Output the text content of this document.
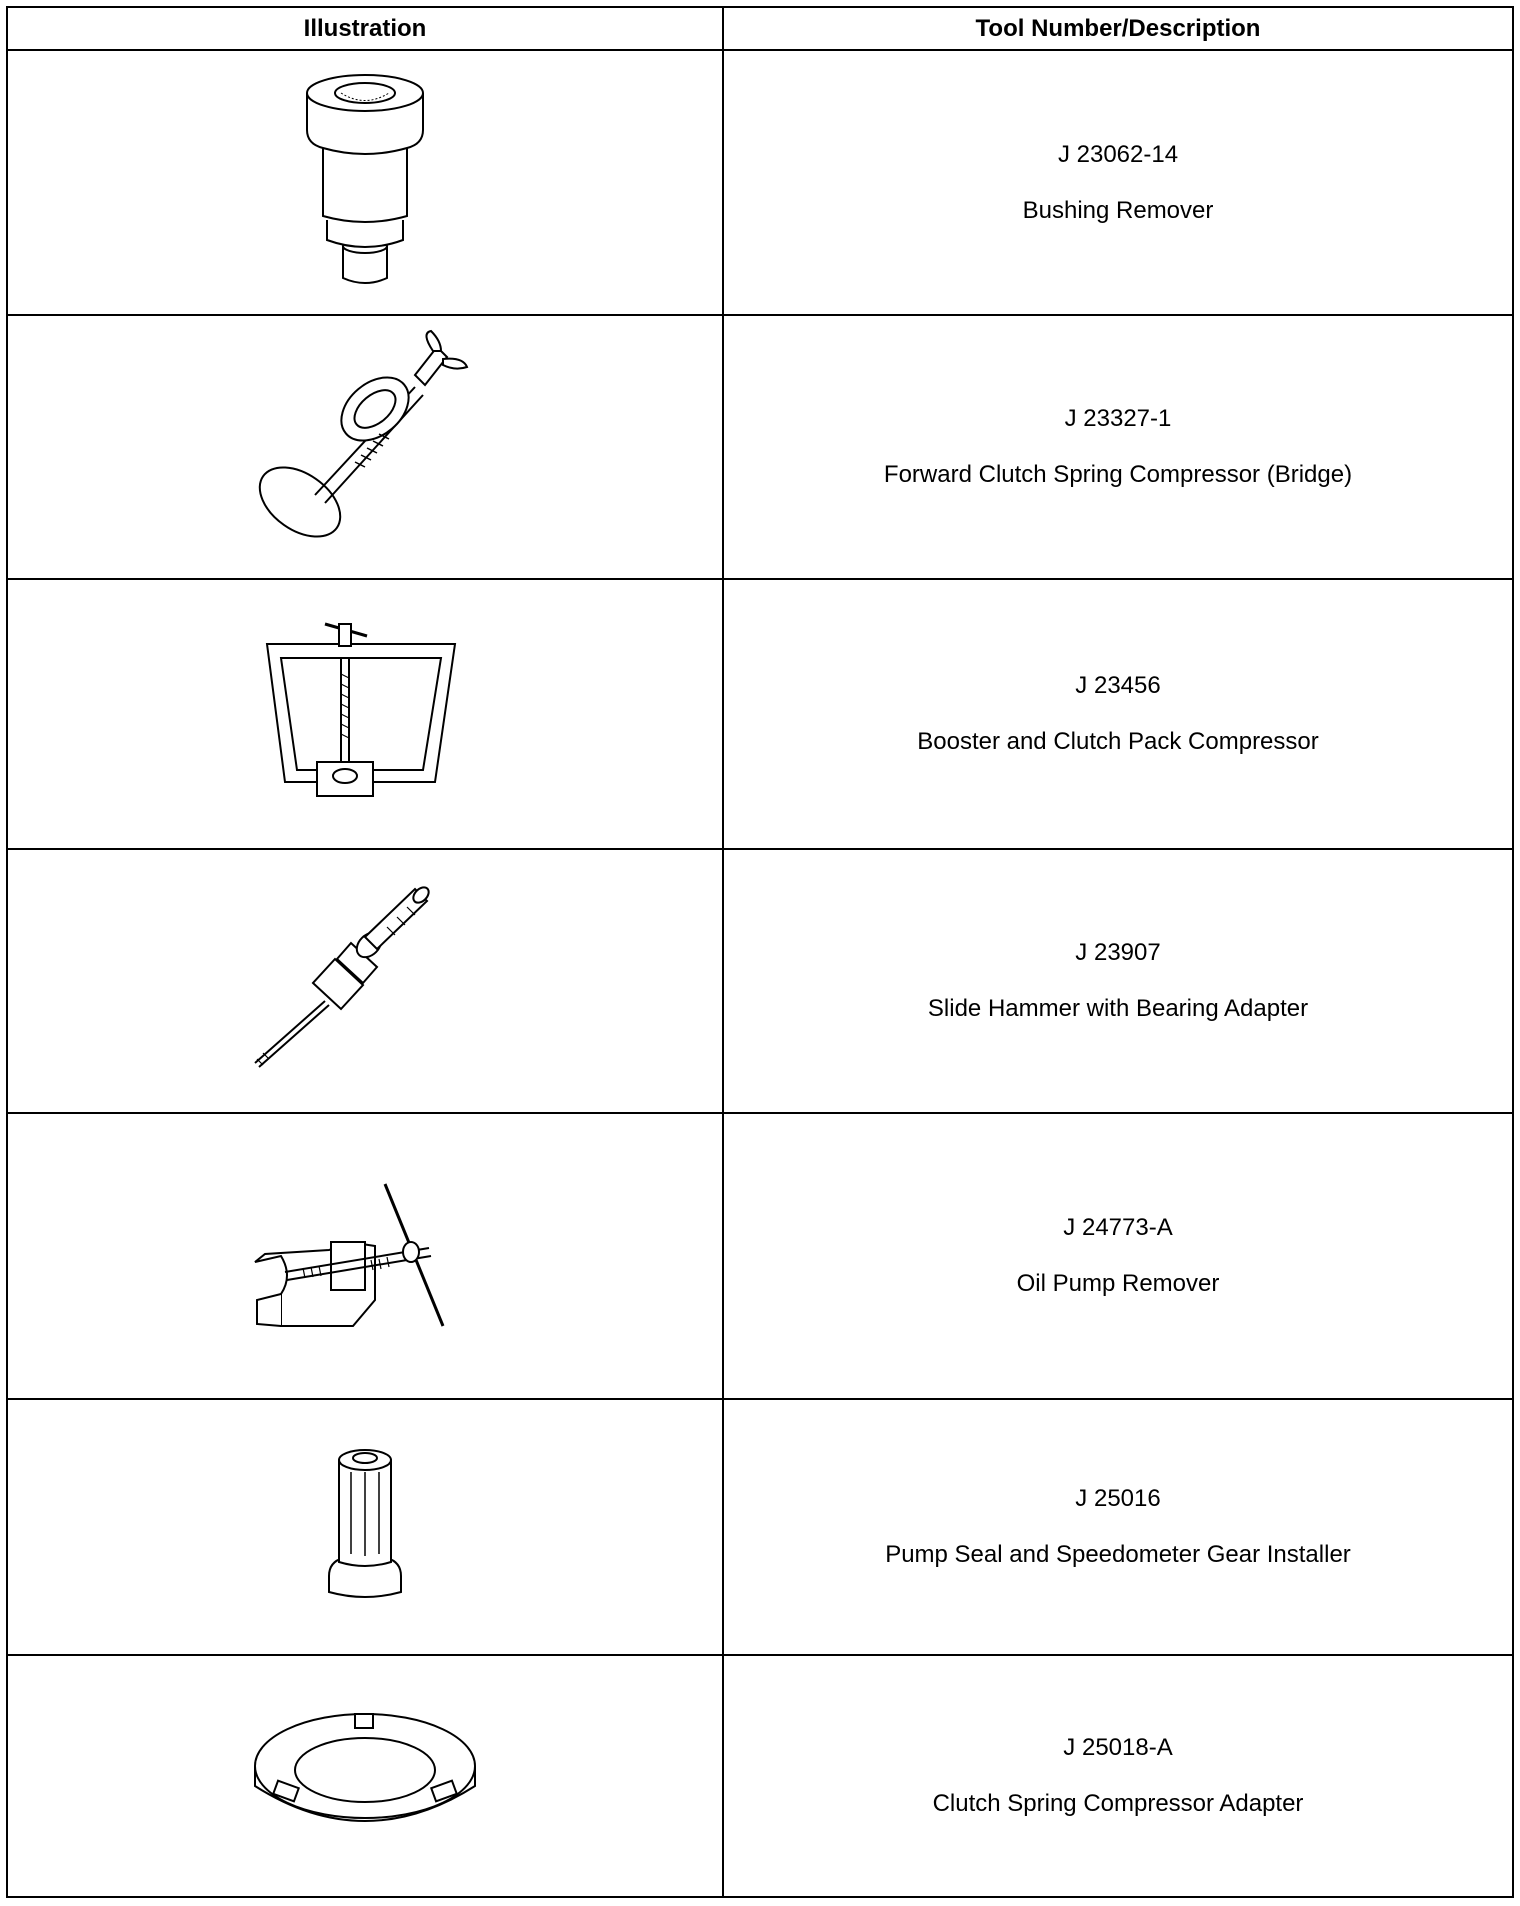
Illustration	Tool Number/Description
J 23062-14
Bushing Remover
J 23327-1
Forward Clutch Spring Compressor (Bridge)
J 23456
Booster and Clutch Pack Compressor
J 23907
Slide Hammer with Bearing Adapter
J 24773-A
Oil Pump Remover
J 25016
Pump Seal and Speedometer Gear Installer
J 25018-A
Clutch Spring Compressor Adapter
